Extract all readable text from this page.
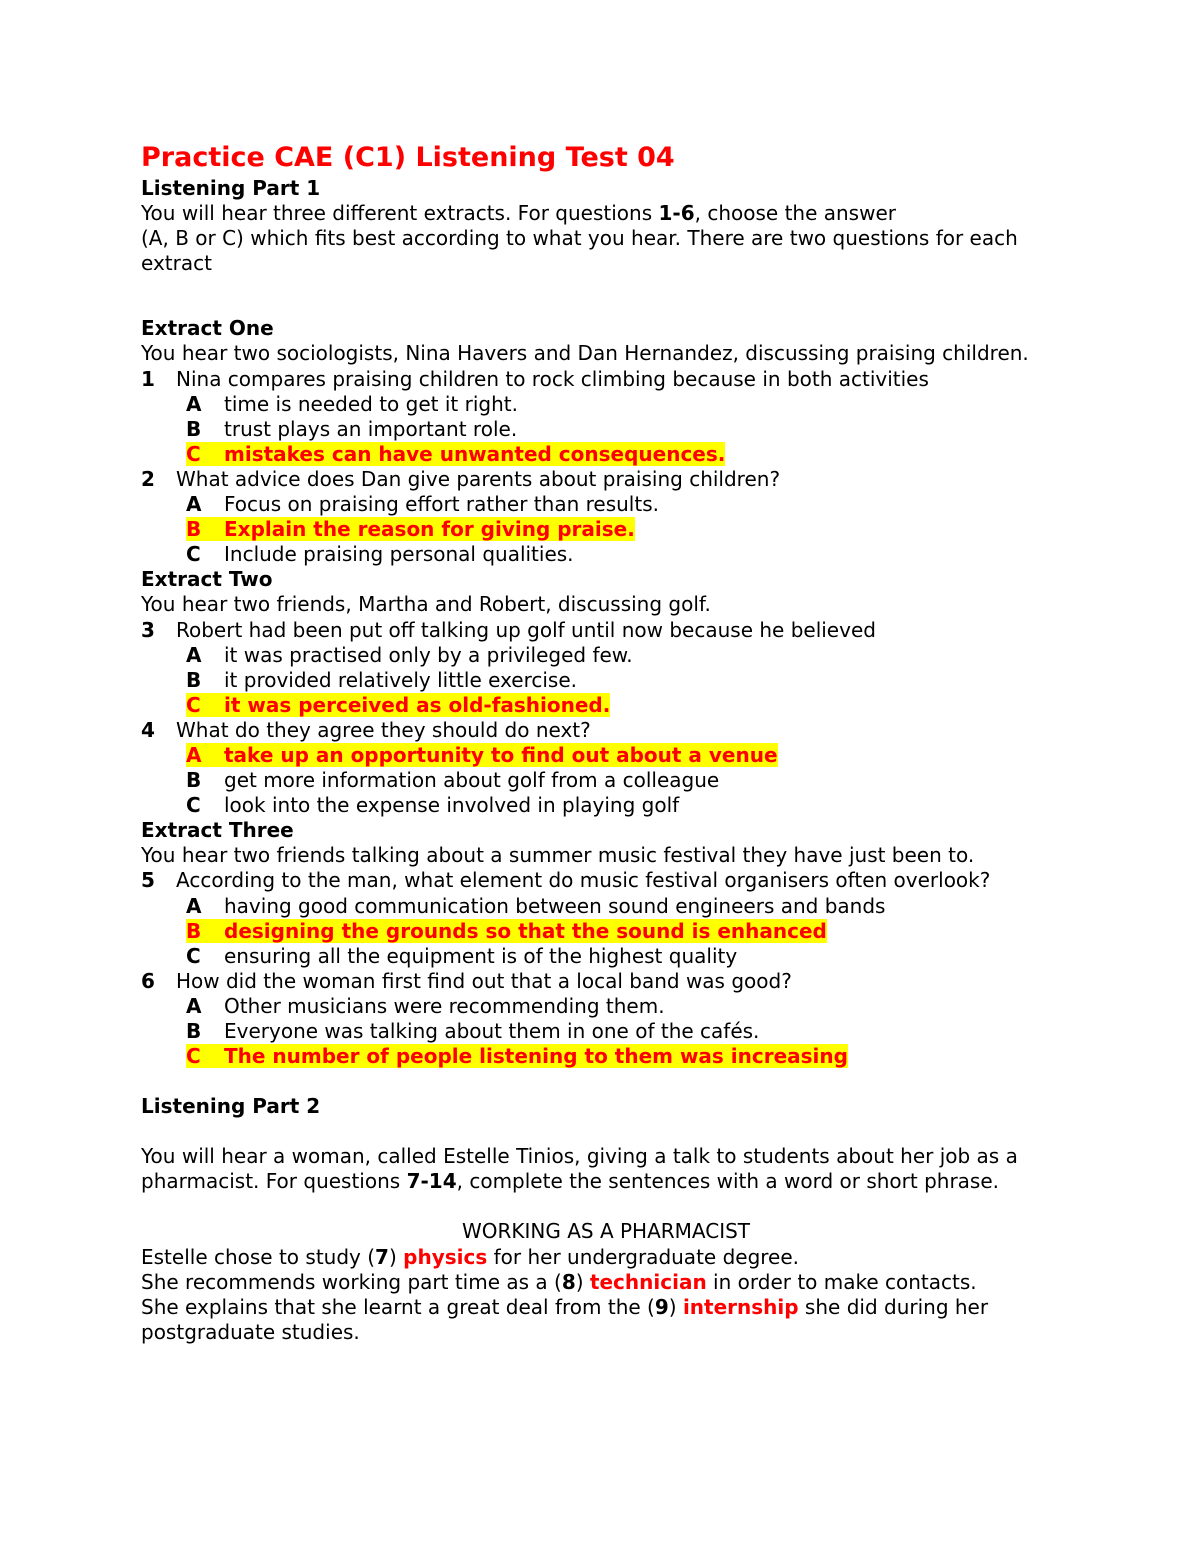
Practice CAE (C1) Listening Test 04

Listening Part 1

You will hear three different extracts. For questions 1-6, choose the answer

(A, B or C) which fits best according to what you hear. There are two questions for each extract

Extract One

You hear two sociologists, Nina Havers and Dan Hernandez, discussing praising children.

1	Nina compares praising children to rock climbing because in both activities

A time is needed to get it right.

B trust plays an important role.

C mistakes can have unwanted consequences.

2	What advice does Dan give parents about praising children?

A Focus on praising effort rather than results.

B Explain the reason for giving praise.

C Include praising personal qualities.

Extract Two

You hear two friends, Martha and Robert, discussing golf.

3	Robert had been put off talking up golf until now because he believed

A it was practised only by a privileged few.

B it provided relatively little exercise.

C it was perceived as old-fashioned.

4	What do they agree they should do next?

A take up an opportunity to find out about a venue

B get more information about golf from a colleague

C look into the expense involved in playing golf

Extract Three

You hear two friends talking about a summer music festival they have just been to.

5	According to the man, what element do music festival organisers often overlook?

A having good communication between sound engineers and bands

B designing the grounds so that the sound is enhanced

C ensuring all the equipment is of the highest quality

6	How did the woman first find out that a local band was good?

A Other musicians were recommending them.

B Everyone was talking about them in one of the cafés.

C The number of people listening to them was increasing

Listening Part 2

You will hear a woman, called Estelle Tinios, giving a talk to students about her job as a pharmacist. For questions 7-14, complete the sentences with a word or short phrase.

WORKING AS A PHARMACIST

Estelle chose to study (7) physics for her undergraduate degree.

She recommends working part time as a (8) technician in order to make contacts.

She explains that she learnt a great deal from the (9) internship she did during her postgraduate studies.
